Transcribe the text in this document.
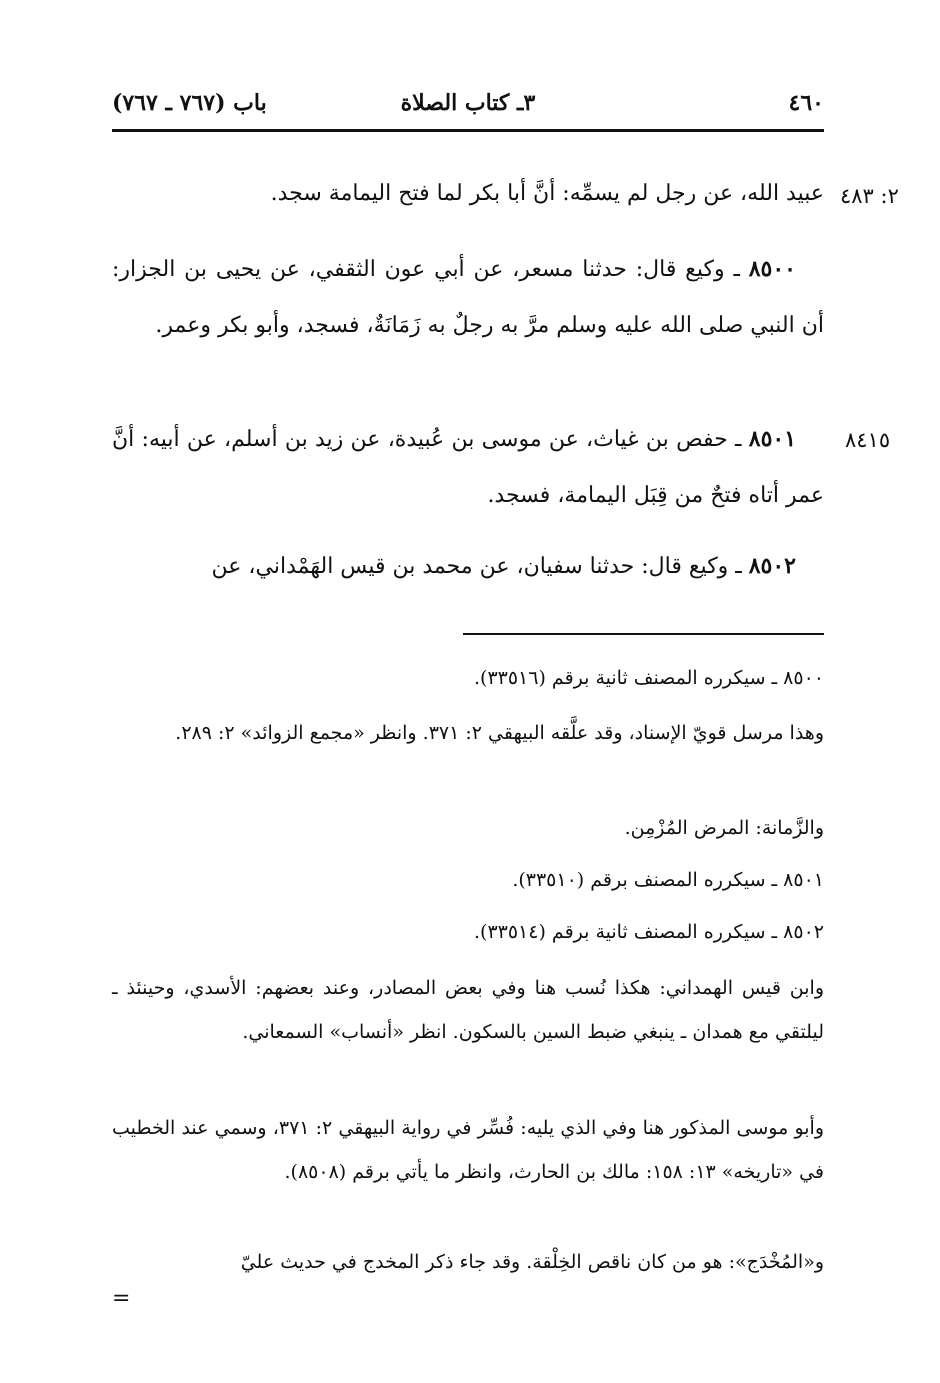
٤٦٠
٣ـ كتاب الصلاة
باب (٧٦٧ ـ ٧٦٧)
٢: ٤٨٣
عبيد الله، عن رجل لم يسمِّه: أنَّ أبا بكر لما فتح اليمامة سجد.
٨٥٠٠ ـ وكيع قال: حدثنا مسعر، عن أبي عون الثقفي، عن يحيى بن الجزار: أن النبي صلى الله عليه وسلم مرَّ به رجلٌ به زَمَانَةٌ، فسجد، وأبو بكر وعمر.
٨٤١٥
٨٥٠١ ـ حفص بن غياث، عن موسى بن عُبيدة، عن زيد بن أسلم، عن أبيه: أنَّ عمر أتاه فتحٌ من قِبَل اليمامة، فسجد.
٨٥٠٢ ـ وكيع قال: حدثنا سفيان، عن محمد بن قيس الهَمْداني، عن
٨٥٠٠ ـ سيكرره المصنف ثانية برقم (٣٣٥١٦).
وهذا مرسل قويّ الإسناد، وقد علَّقه البيهقي ٢: ٣٧١. وانظر «مجمع الزوائد» ٢: ٢٨٩.
والزَّمانة: المرض المُزْمِن.
٨٥٠١ ـ سيكرره المصنف برقم (٣٣٥١٠).
٨٥٠٢ ـ سيكرره المصنف ثانية برقم (٣٣٥١٤).
وابن قيس الهمداني: هكذا نُسب هنا وفي بعض المصادر، وعند بعضهم: الأسدي، وحينئذ ـ ليلتقي مع همدان ـ ينبغي ضبط السين بالسكون. انظر «أنساب» السمعاني.
وأبو موسى المذكور هنا وفي الذي يليه: فُسِّر في رواية البيهقي ٢: ٣٧١، وسمي عند الخطيب في «تاريخه» ١٣: ١٥٨: مالك بن الحارث، وانظر ما يأتي برقم (٨٥٠٨).
و«المُخْدَج»: هو من كان ناقص الخِلْقة. وقد جاء ذكر المخدج في حديث عليّ
=
